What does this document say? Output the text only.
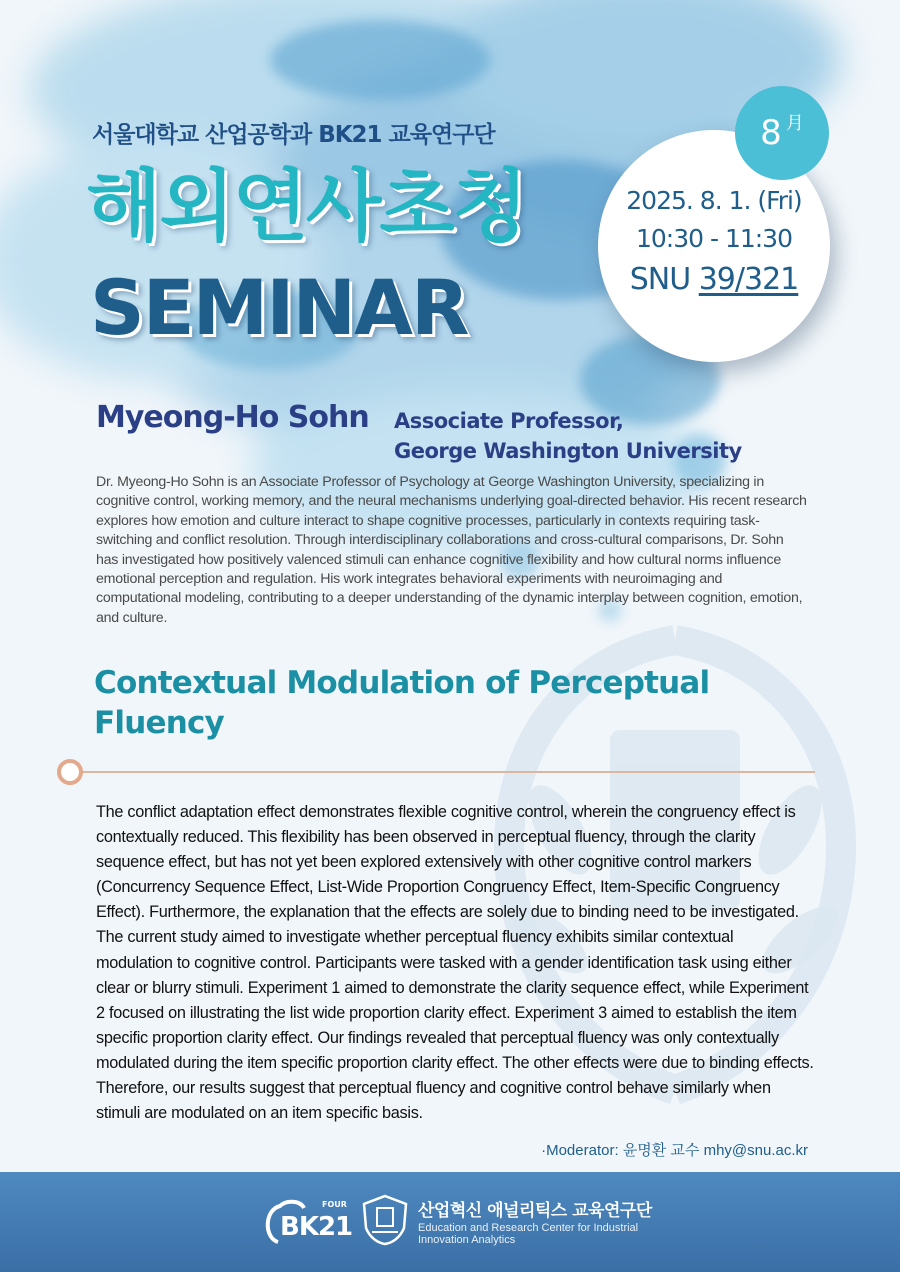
서울대학교 산업공학과 BK21 교육연구단
해외연사초청
SEMINAR
2025. 8. 1. (Fri)
10:30 - 11:30
SNU 39/321
8 月
Myeong-Ho Sohn Associate Professor,
George Washington University
Dr. Myeong-Ho Sohn is an Associate Professor of Psychology at George Washington University, specializing in cognitive control, working memory, and the neural mechanisms underlying goal-directed behavior. His recent research explores how emotion and culture interact to shape cognitive processes, particularly in contexts requiring task-switching and conflict resolution. Through interdisciplinary collaborations and cross-cultural comparisons, Dr. Sohn has investigated how positively valenced stimuli can enhance cognitive flexibility and how cultural norms influence emotional perception and regulation. His work integrates behavioral experiments with neuroimaging and computational modeling, contributing to a deeper understanding of the dynamic interplay between cognition, emotion, and culture.
Contextual Modulation of Perceptual Fluency
The conflict adaptation effect demonstrates flexible cognitive control, wherein the congruency effect is contextually reduced. This flexibility has been observed in perceptual fluency, through the clarity sequence effect, but has not yet been explored extensively with other cognitive control markers (Concurrency Sequence Effect, List-Wide Proportion Congruency Effect, Item-Specific Congruency Effect). Furthermore, the explanation that the effects are solely due to binding need to be investigated. The current study aimed to investigate whether perceptual fluency exhibits similar contextual modulation to cognitive control. Participants were tasked with a gender identification task using either clear or blurry stimuli. Experiment 1 aimed to demonstrate the clarity sequence effect, while Experiment 2 focused on illustrating the list wide proportion clarity effect. Experiment 3 aimed to establish the item specific proportion clarity effect. Our findings revealed that perceptual fluency was only contextually modulated during the item specific proportion clarity effect. The other effects were due to binding effects. Therefore, our results suggest that perceptual fluency and cognitive control behave similarly when stimuli are modulated on an item specific basis.
·Moderator: 윤명환 교수 mhy@snu.ac.kr
FOUR
BK21
산업혁신 애널리틱스 교육연구단
Education and Research Center for Industrial Innovation Analytics
